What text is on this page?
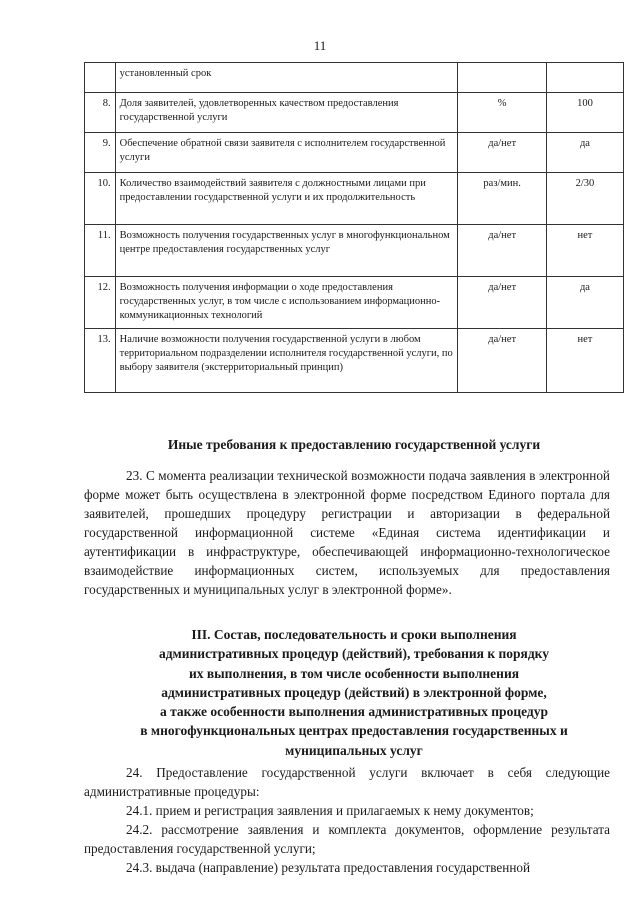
11
	установленный срок		
8.	Доля заявителей, удовлетворенных качеством предоставления государственной услуги	%	100
9.	Обеспечение обратной связи заявителя с исполнителем государственной услуги	да/нет	да
10.	Количество взаимодействий заявителя с должностными лицами при предоставлении государственной услуги и их продолжительность	раз/мин.	2/30
11.	Возможность получения государственных услуг в многофункциональном центре предоставления государственных услуг	да/нет	нет
12.	Возможность получения информации о ходе предоставления государственных услуг, в том числе с использованием информационно-коммуникационных технологий	да/нет	да
13.	Наличие возможности получения государственной услуги в любом территориальном подразделении исполнителя государственной услуги, по выбору заявителя (экстерриториальный принцип)	да/нет	нет
Иные требования к предоставлению государственной услуги
23. С момента реализации технической возможности подача заявления в электронной форме может быть осуществлена в электронной форме посредством Единого портала для заявителей, прошедших процедуру регистрации и авторизации в федеральной государственной информационной системе «Единая система идентификации и аутентификации в инфраструктуре, обеспечивающей информационно-технологическое взаимодействие информационных систем, используемых для предоставления государственных и муниципальных услуг в электронной форме».
III. Состав, последовательность и сроки выполнения
административных процедур (действий), требования к порядку
их выполнения, в том числе особенности выполнения
административных процедур (действий) в электронной форме,
а также особенности выполнения административных процедур
в многофункциональных центрах предоставления государственных и
муниципальных услуг
24. Предоставление государственной услуги включает в себя следующие административные процедуры:
24.1. прием и регистрация заявления и прилагаемых к нему документов;
24.2. рассмотрение заявления и комплекта документов, оформление результата предоставления государственной услуги;
24.3. выдача (направление) результата предоставления государственной
